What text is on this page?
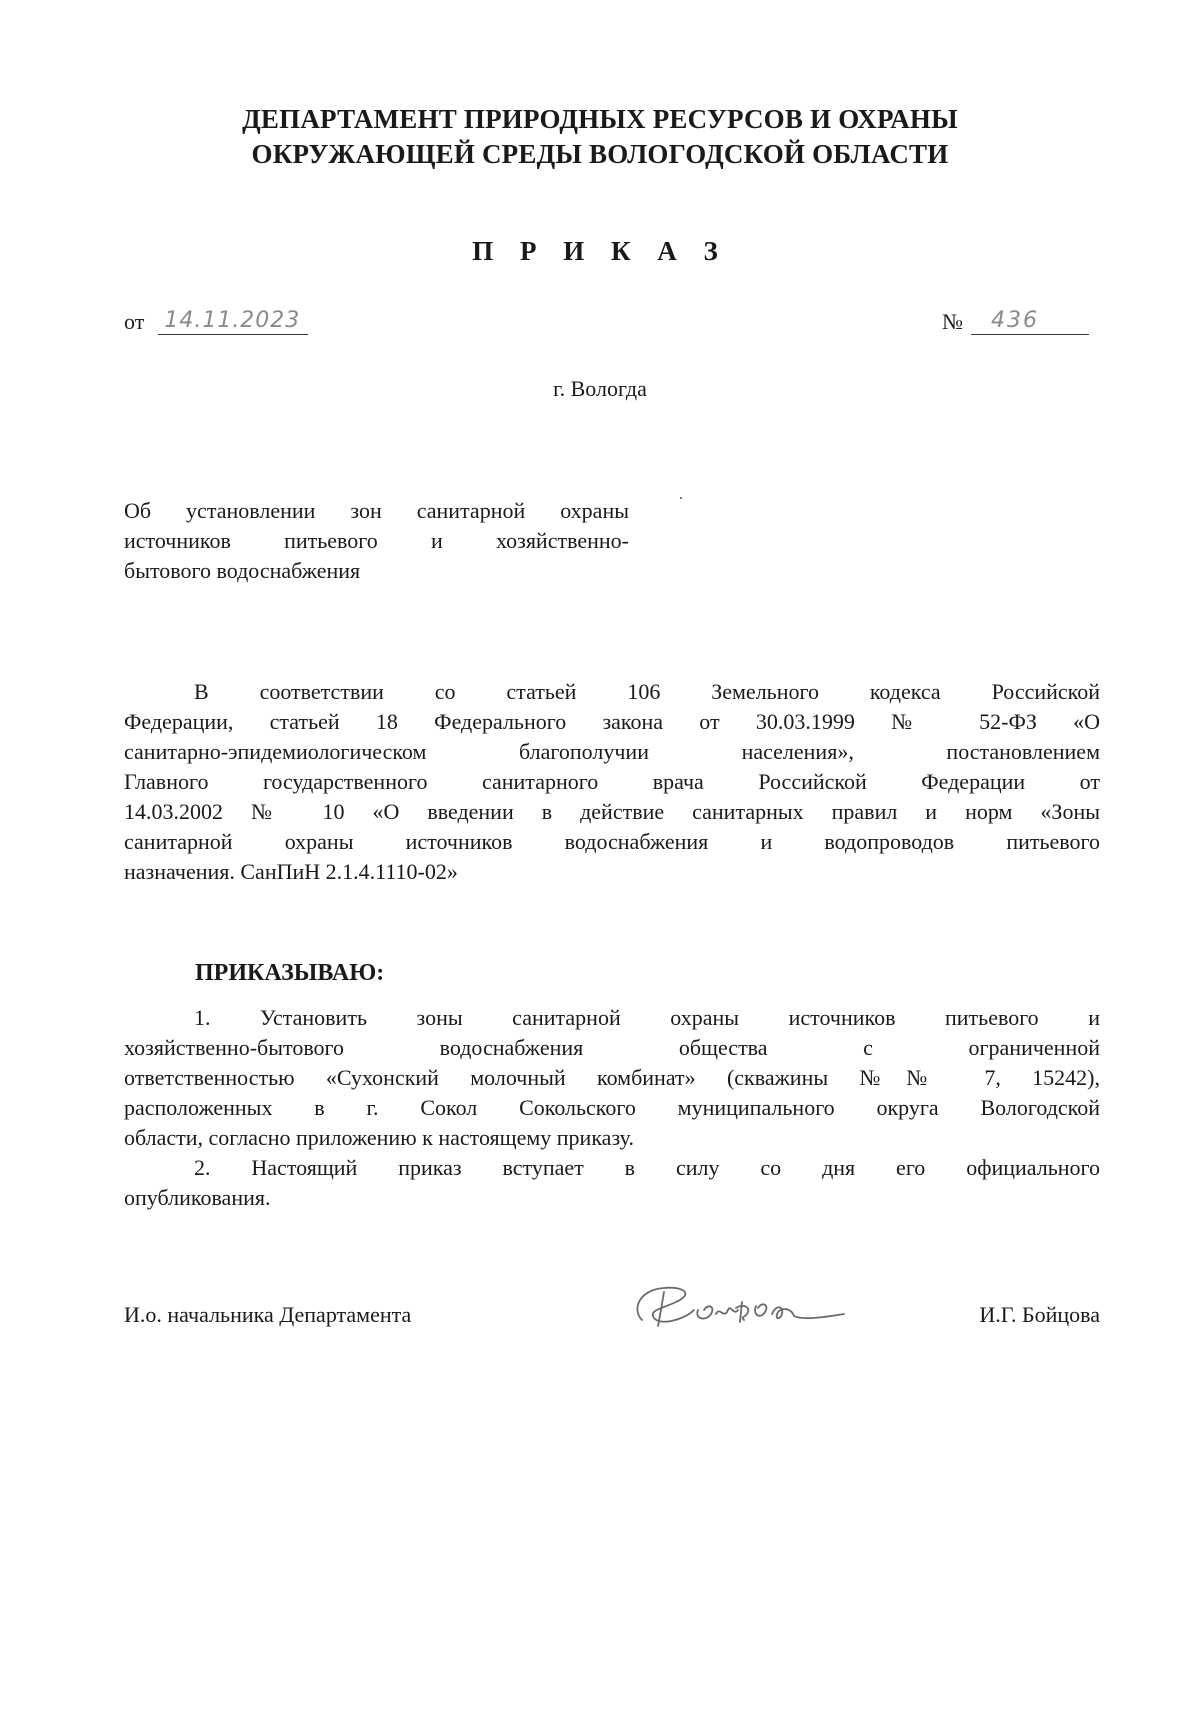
ДЕПАРТАМЕНТ ПРИРОДНЫХ РЕСУРСОВ И ОХРАНЫ
ОКРУЖАЮЩЕЙ СРЕДЫ ВОЛОГОДСКОЙ ОБЛАСТИ
П Р И К А З
от 14.11.2023	№ 436
г. Вологда
Об установлении зон санитарной охраны
источников питьевого и хозяйственно-
бытового водоснабжения
В соответствии со статьей 106 Земельного кодекса Российской
Федерации, статьей 18 Федерального закона от 30.03.1999 № 52-ФЗ «О
санитарно-эпидемиологическом благополучии населения», постановлением
Главного государственного санитарного врача Российской Федерации от
14.03.2002 № 10 «О введении в действие санитарных правил и норм «Зоны
санитарной охраны источников водоснабжения и водопроводов питьевого
назначения. СанПиН 2.1.4.1110-02»
ПРИКАЗЫВАЮ:
1. Установить зоны санитарной охраны источников питьевого и
хозяйственно-бытового водоснабжения общества с ограниченной
ответственностью «Сухонский молочный комбинат» (скважины №№ 7, 15242),
расположенных в г. Сокол Сокольского муниципального округа Вологодской
области, согласно приложению к настоящему приказу.
2. Настоящий приказ вступает в силу со дня его официального
опубликования.
И.о. начальника Департамента	И.Г. Бойцова
